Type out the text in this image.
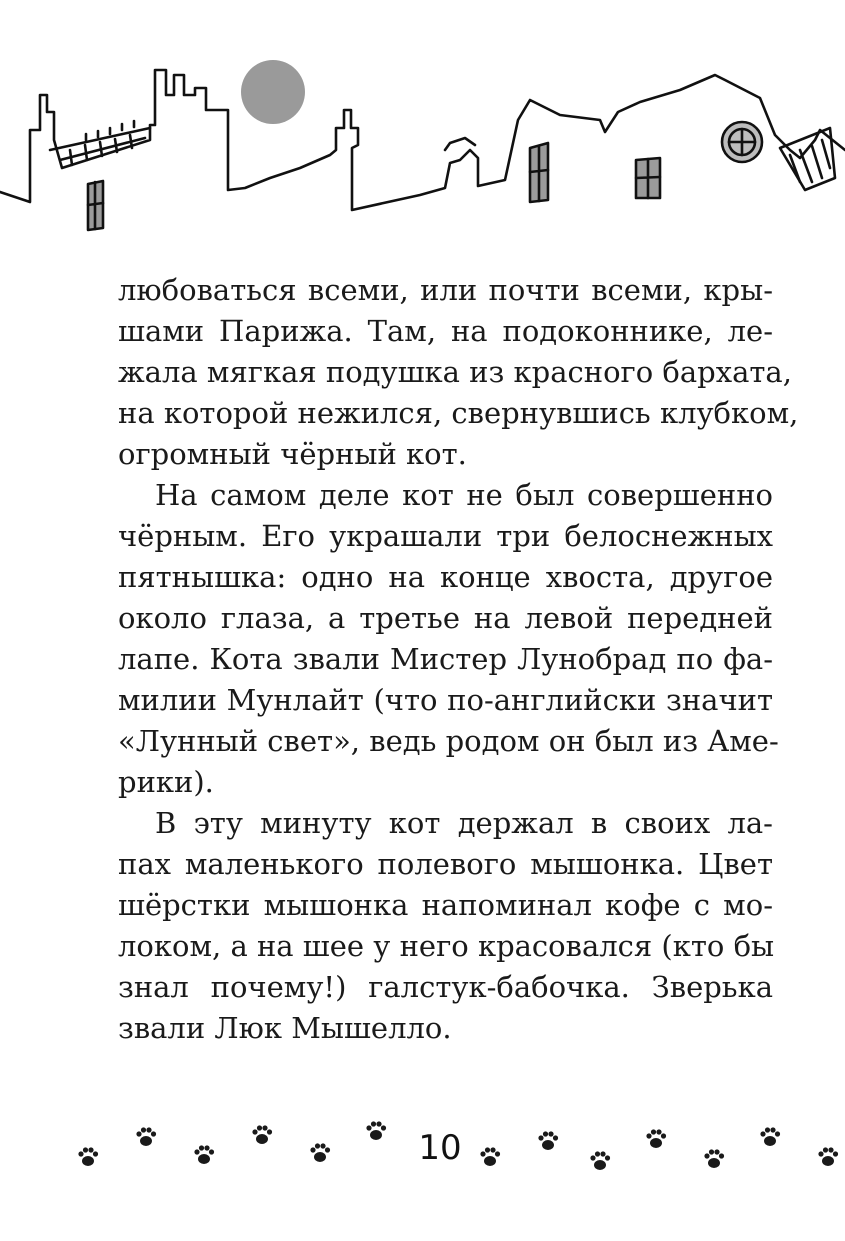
любоваться всеми, или почти всеми, кры-
шами Парижа. Там, на подоконнике, ле-
жала мягкая подушка из красного бархата,
на которой нежился, свернувшись клубком,
огромный чёрный кот.
На самом деле кот не был совершенно
чёрным. Его украшали три белоснежных
пятнышка: одно на конце хвоста, другое
около глаза, а третье на левой передней
лапе. Кота звали Мистер Лунобрад по фа-
милии Мунлайт (что по-английски значит
«Лунный свет», ведь родом он был из Аме-
рики).
В эту минуту кот держал в своих ла-
пах маленького полевого мышонка. Цвет
шёрстки мышонка напоминал кофе с мо-
локом, а на шее у него красовался (кто бы
знал почему!) галстук-бабочка. Зверька
звали Люк Мышелло.
10
